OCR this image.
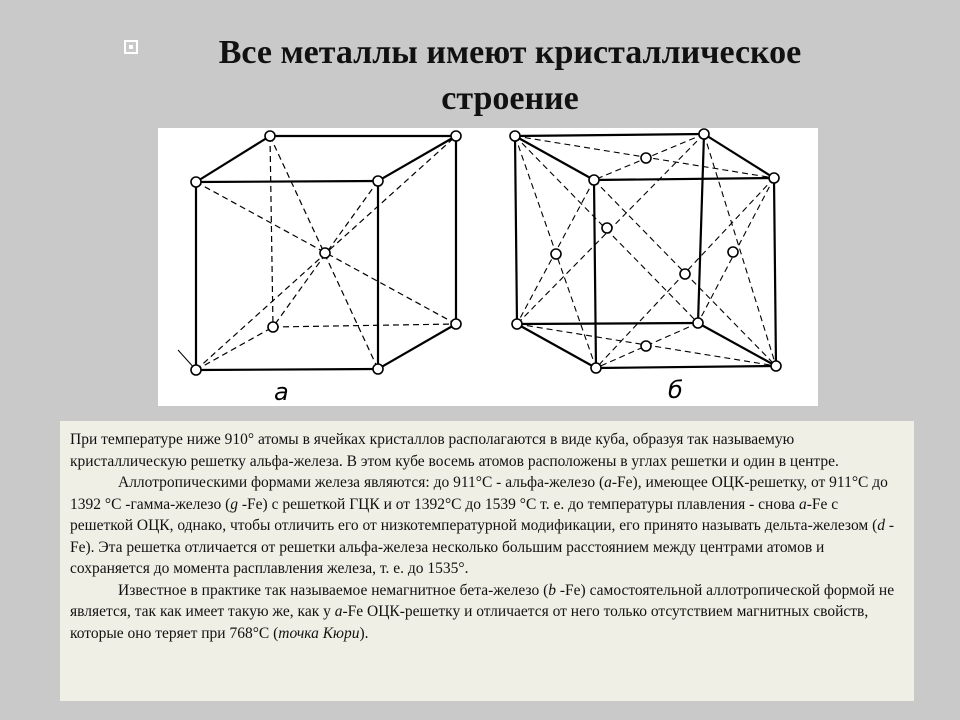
Все металлы имеют кристаллическое строение
а	б

При температуре ниже 910° атомы в ячейках кристаллов располагаются в виде куба, образуя так называемую кристаллическую решетку альфа-железа. В этом кубе восемь атомов расположены в углах решетки и один в центре.

Аллотропическими формами железа являются: до 911°С - альфа-железо (а-Fe), имеющее ОЦК-решетку, от 911°С до 1392 °С -гамма-железо (g -Fe) с решеткой ГЦК и от 1392°С до 1539 °С т. е. до температуры плавления - снова а-Fe с решеткой ОЦК, однако, чтобы отличить его от низкотемпературной модификации, его принято называть дельта-железом (d -Fe). Эта решетка отличается от решетки альфа-железа несколько большим расстоянием между центрами атомов и сохраняется до момента расплавления железа, т. е. до 1535°.

Известное в практике так называемое немагнитное бета-железо (b -Fe) самостоятельной аллотропической формой не является, так как имеет такую же, как у а-Fe ОЦК-решетку и отличается от него только отсутствием магнитных свойств, которые оно теряет при 768°С (точка Кюри).
